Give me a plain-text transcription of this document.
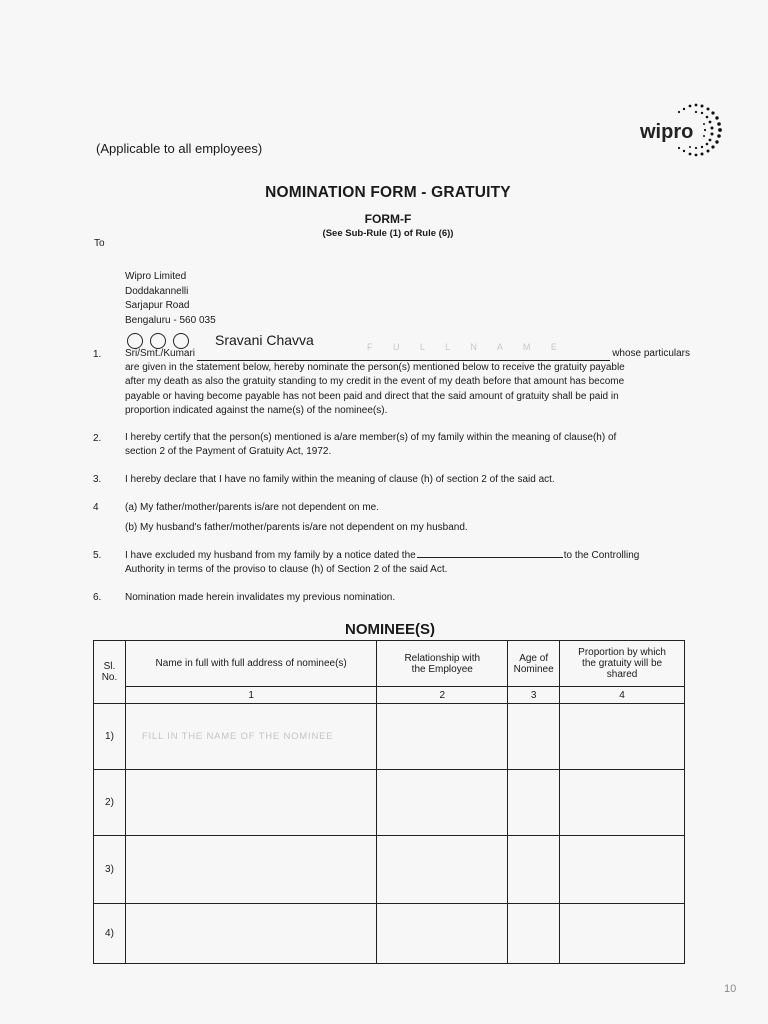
wipro
(Applicable to all employees)
NOMINATION FORM - GRATUITY
FORM-F
(See Sub-Rule (1) of Rule (6))
To
Wipro Limited
Doddakannelli
Sarjapur Road
Bengaluru - 560 035
Sravani Chavva
1. Sri/Smt./Kumari
F U L L N A M E
whose particulars
are given in the statement below, hereby nominate the person(s) mentioned below to receive the gratuity payable
after my death as also the gratuity standing to my credit in the event of my death before that amount has become
payable or having become payable has not been paid and direct that the said amount of gratuity shall be paid in
proportion indicated against the name(s) of the nominee(s).
2. I hereby certify that the person(s) mentioned is a/are member(s) of my family within the meaning of clause(h) of
section 2 of the Payment of Gratuity Act, 1972.
3. I hereby declare that I have no family within the meaning of clause (h) of section 2 of the said act.
4	(a) My father/mother/parents is/are not dependent on me.
(b) My husband's father/mother/parents is/are not dependent on my husband.
5. I have excluded my husband from my family by a notice dated the	to the Controlling
Authority in terms of the proviso to clause (h) of Section 2 of the said Act.
6. Nomination made herein invalidates my previous nomination.
NOMINEE(S)
Sl. No.	Name in full with full address of nominee(s)	Relationship with the Employee	Age of Nominee	Proportion by which the gratuity will be shared
	1	2	3	4
1)	FILL IN THE NAME OF THE NOMINEE			
2)				
3)				
4)				
10
